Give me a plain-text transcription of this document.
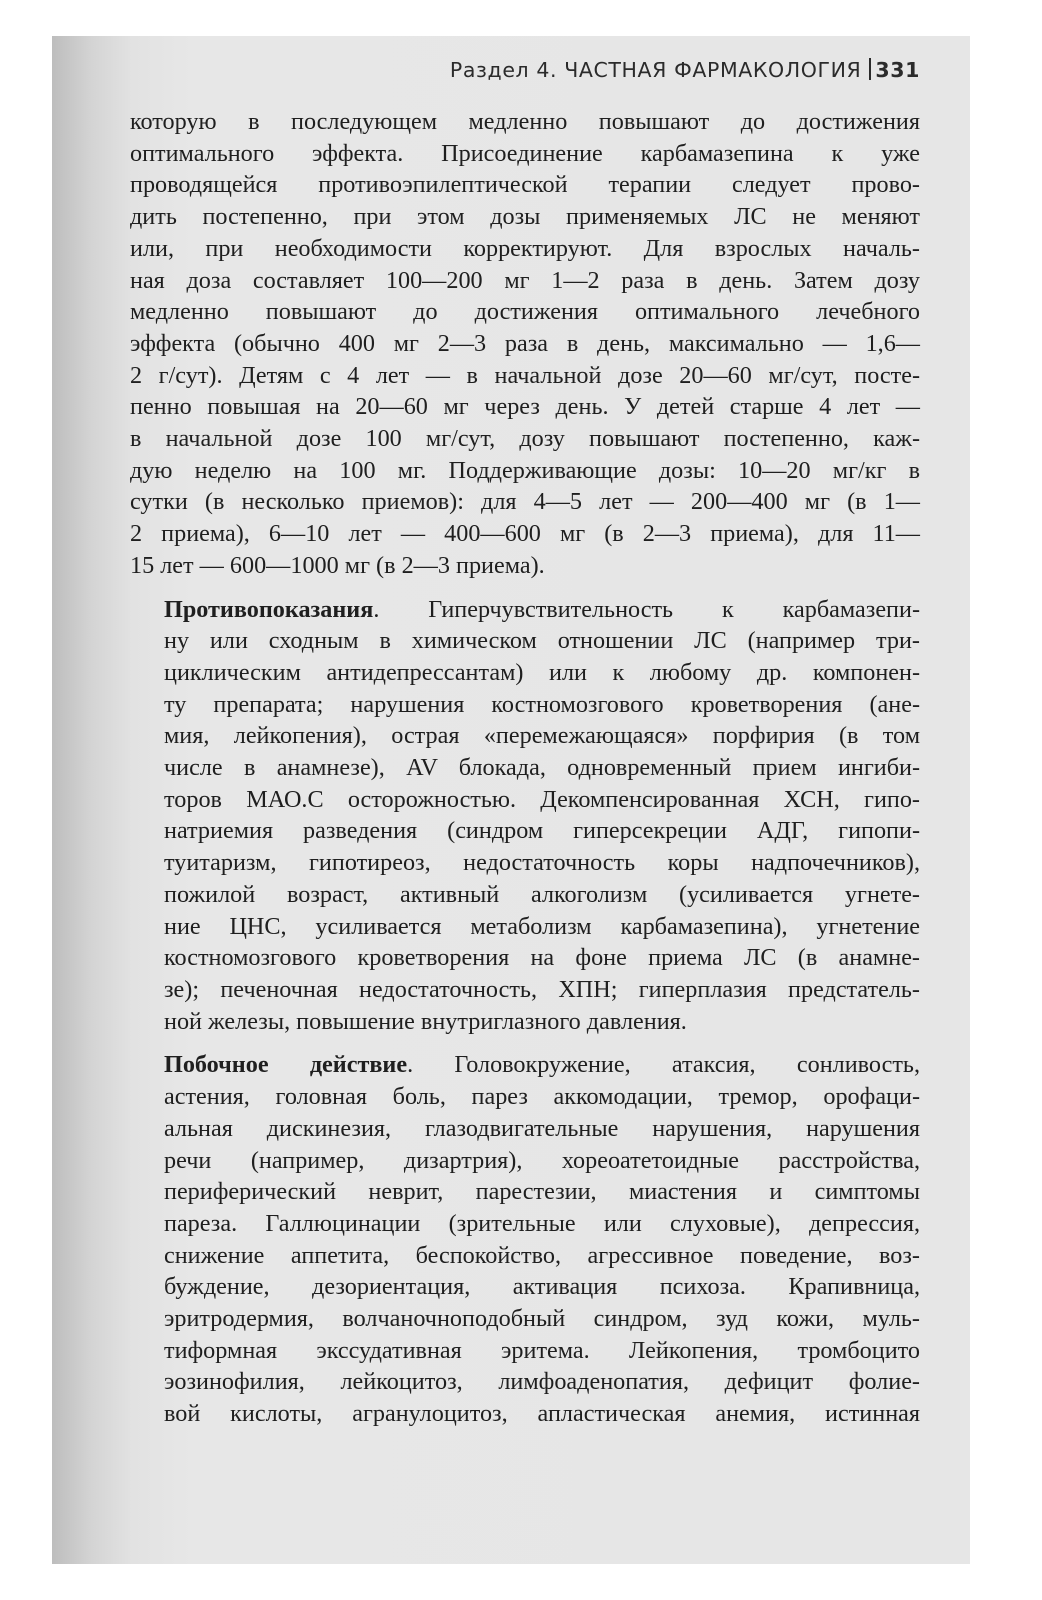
Раздел 4. ЧАСТНАЯ ФАРМАКОЛОГИЯ 331

которую в последующем медленно повышают до достижения
оптимального эффекта. Присоединение карбамазепина к уже
проводящейся противоэпилептической терапии следует прово-
дить постепенно, при этом дозы применяемых ЛС не меняют
или, при необходимости корректируют. Для взрослых началь-
ная доза составляет 100—200 мг 1—2 раза в день. Затем дозу
медленно повышают до достижения оптимального лечебного
эффекта (обычно 400 мг 2—3 раза в день, максимально — 1,6—
2 г/сут). Детям с 4 лет — в начальной дозе 20—60 мг/сут, посте-
пенно повышая на 20—60 мг через день. У детей старше 4 лет —
в начальной дозе 100 мг/сут, дозу повышают постепенно, каж-
дую неделю на 100 мг. Поддерживающие дозы: 10—20 мг/кг в
сутки (в несколько приемов): для 4—5 лет — 200—400 мг (в 1—
2 приема), 6—10 лет — 400—600 мг (в 2—3 приема), для 11—
15 лет — 600—1000 мг (в 2—3 приема).

Противопоказания. Гиперчувствительность к карбамазепи-
ну или сходным в химическом отношении ЛС (например три-
циклическим антидепрессантам) или к любому др. компонен-
ту препарата; нарушения костномозгового кроветворения (ане-
мия, лейкопения), острая «перемежающаяся» порфирия (в том
числе в анамнезе), AV блокада, одновременный прием ингиби-
торов МАО.С осторожностью. Декомпенсированная ХСН, гипо-
натриемия разведения (синдром гиперсекреции АДГ, гипопи-
туитаризм, гипотиреоз, недостаточность коры надпочечников),
пожилой возраст, активный алкоголизм (усиливается угнете-
ние ЦНС, усиливается метаболизм карбамазепина), угнетение
костномозгового кроветворения на фоне приема ЛС (в анамне-
зе); печеночная недостаточность, ХПН; гиперплазия предстатель-
ной железы, повышение внутриглазного давления.

Побочное действие. Головокружение, атаксия, сонливость,
астения, головная боль, парез аккомодации, тремор, орофаци-
альная дискинезия, глазодвигательные нарушения, нарушения
речи (например, дизартрия), хореоатетоидные расстройства,
периферический неврит, парестезии, миастения и симптомы
пареза. Галлюцинации (зрительные или слуховые), депрессия,
снижение аппетита, беспокойство, агрессивное поведение, воз-
буждение, дезориентация, активация психоза. Крапивница,
эритродермия, волчаночноподобный синдром, зуд кожи, муль-
тиформная экссудативная эритема. Лейкопения, тромбоцито
эозинофилия, лейкоцитоз, лимфоаденопатия, дефицит фолие-
вой кислоты, агранулоцитоз, апластическая анемия, истинная
